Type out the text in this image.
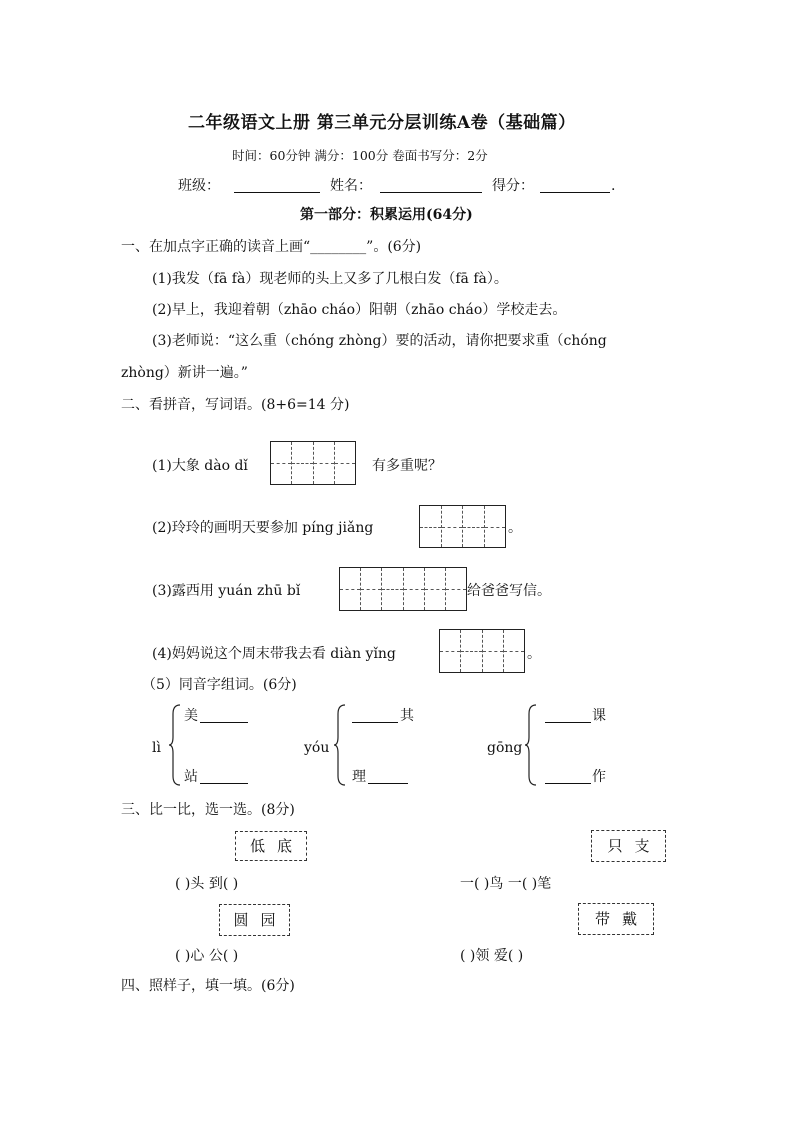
二年级语文上册 第三单元分层训练A卷（基础篇）
时间：60分钟 满分：100分 卷面书写分：2分
班级：	姓名：	得分：	.
第一部分：积累运用(64分)
一、在加点字正确的读音上画“________”。(6分)
(1)我发（fā fà）现老师的头上又多了几根白发（fā fà）。
(2)早上，我迎着朝（zhāo cháo）阳朝（zhāo cháo）学校走去。
(3)老师说：“这么重（chóng zhòng）要的活动，请你把要求重（chóng
zhòng）新讲一遍。”
二、看拼音，写词语。(8+6=14 分)
(1)大象 dào dǐ	有多重呢？
(2)玲玲的画明天要参加 píng jiǎng	。
(3)露西用 yuán zhū bǐ	给爸爸写信。
(4)妈妈说这个周末带我去看 diàn yǐng	。
（5）同音字组词。(6分)
lì
美
站
yóu
其
理
gōng
课
作
三、比一比，选一选。(8分)
低底	只支
( )头 到( )	一( )鸟 一( )笔
圆园	带戴
( )心 公( )	( )领 爱( )
四、照样子，填一填。(6分)
